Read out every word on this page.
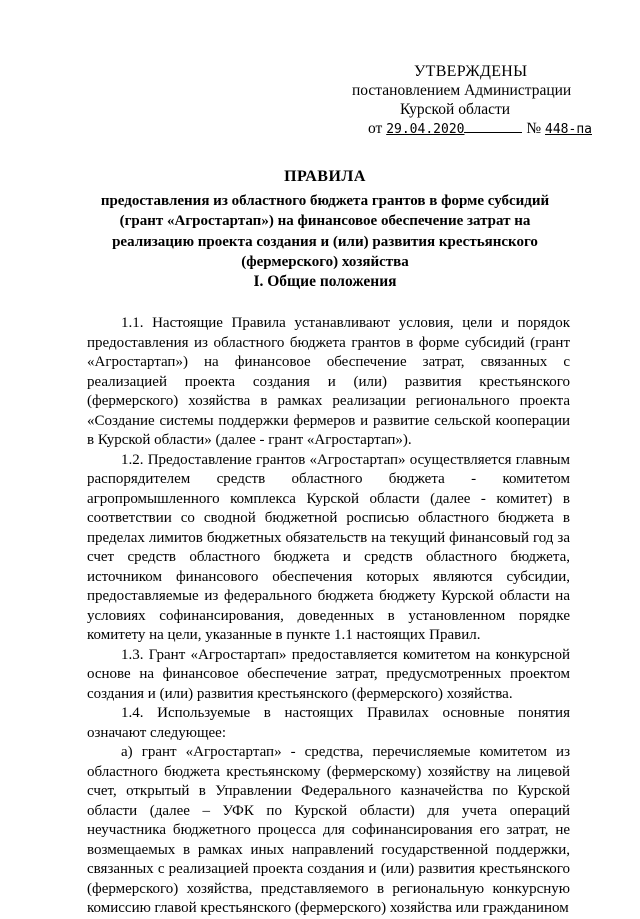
УТВЕРЖДЕНЫ
постановлением Администрации
Курской области
от 29.04.2020	№ 448-па
ПРАВИЛА
предоставления из областного бюджета грантов в форме субсидий (грант «Агростартап») на финансовое обеспечение затрат на реализацию проекта создания и (или) развития крестьянского (фермерского) хозяйства
I. Общие положения

1.1. Настоящие Правила устанавливают условия, цели и порядок предоставления из областного бюджета грантов в форме субсидий (грант «Агростартап») на финансовое обеспечение затрат, связанных с реализацией проекта создания и (или) развития крестьянского (фермерского) хозяйства в рамках реализации регионального проекта «Создание системы поддержки фермеров и развитие сельской кооперации в Курской области» (далее - грант «Агростартап»).

1.2. Предоставление грантов «Агростартап» осуществляется главным распорядителем средств областного бюджета - комитетом агропромышленного комплекса Курской области (далее - комитет) в соответствии со сводной бюджетной росписью областного бюджета в пределах лимитов бюджетных обязательств на текущий финансовый год за счет средств областного бюджета и средств областного бюджета, источником финансового обеспечения которых являются субсидии, предоставляемые из федерального бюджета бюджету Курской области на условиях софинансирования, доведенных в установленном порядке комитету на цели, указанные в пункте 1.1 настоящих Правил.

1.3. Грант «Агростартап» предоставляется комитетом на конкурсной основе на финансовое обеспечение затрат, предусмотренных проектом создания и (или) развития крестьянского (фермерского) хозяйства.

1.4. Используемые в настоящих Правилах основные понятия означают следующее:

а) грант «Агростартап» - средства, перечисляемые комитетом из областного бюджета крестьянскому (фермерскому) хозяйству на лицевой счет, открытый в Управлении Федерального казначейства по Курской области (далее – УФК по Курской области) для учета операций неучастника бюджетного процесса для софинансирования его затрат, не возмещаемых в рамках иных направлений государственной поддержки, связанных с реализацией проекта создания и (или) развития крестьянского (фермерского) хозяйства, представляемого в региональную конкурсную комиссию главой крестьянского (фермерского) хозяйства или гражданином
